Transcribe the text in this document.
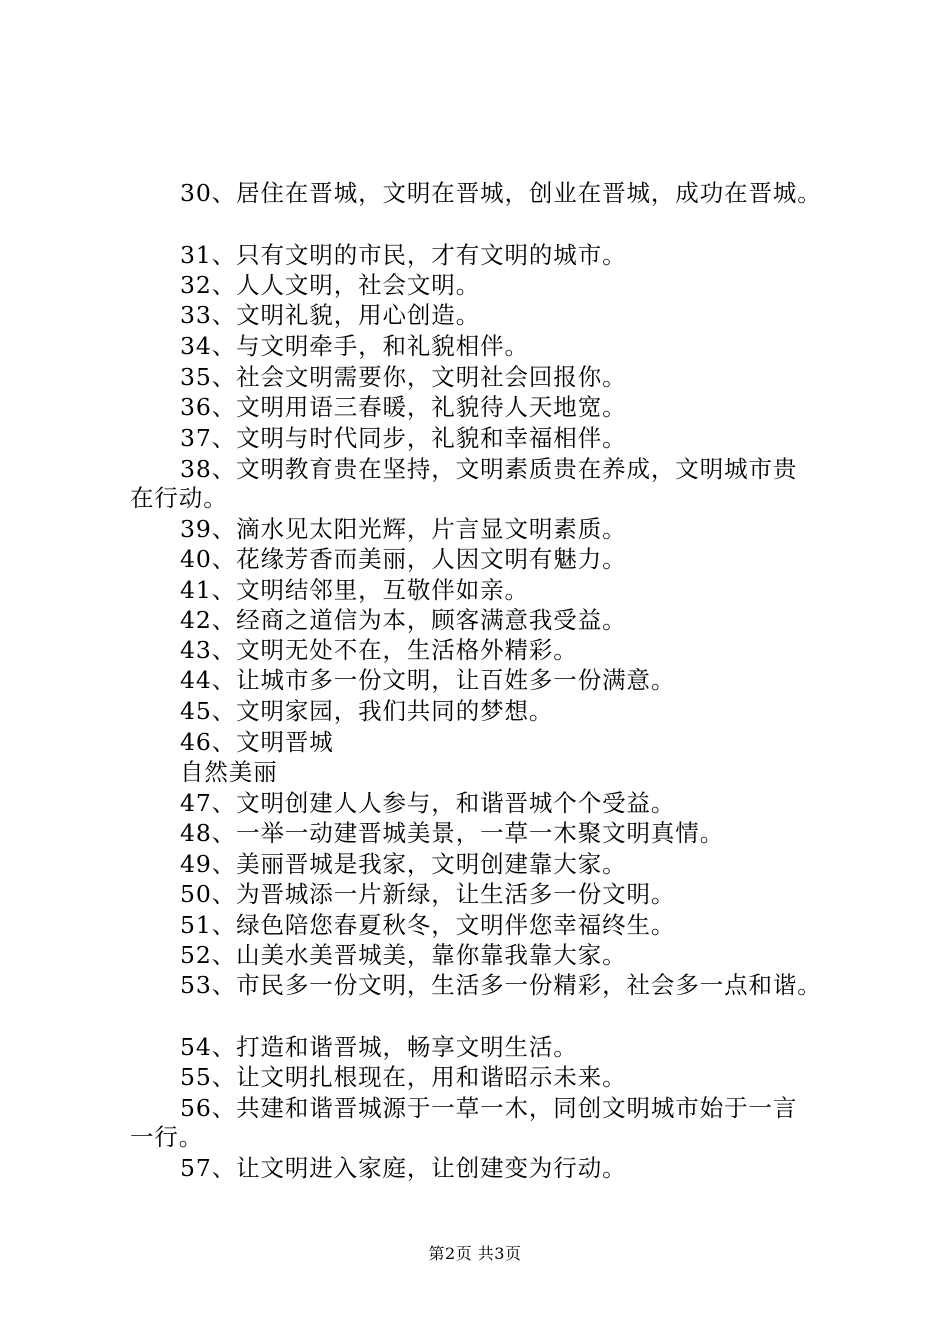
30、居住在晋城，文明在晋城，创业在晋城，成功在晋城。
31、只有文明的市民，才有文明的城市。
32、人人文明，社会文明。
33、文明礼貌，用心创造。
34、与文明牵手，和礼貌相伴。
35、社会文明需要你，文明社会回报你。
36、文明用语三春暖，礼貌待人天地宽。
37、文明与时代同步，礼貌和幸福相伴。
38、文明教育贵在坚持，文明素质贵在养成，文明城市贵
在行动。
39、滴水见太阳光辉，片言显文明素质。
40、花缘芳香而美丽，人因文明有魅力。
41、文明结邻里，互敬伴如亲。
42、经商之道信为本，顾客满意我受益。
43、文明无处不在，生活格外精彩。
44、让城市多一份文明，让百姓多一份满意。
45、文明家园，我们共同的梦想。
46、文明晋城
自然美丽
47、文明创建人人参与，和谐晋城个个受益。
48、一举一动建晋城美景，一草一木聚文明真情。
49、美丽晋城是我家，文明创建靠大家。
50、为晋城添一片新绿，让生活多一份文明。
51、绿色陪您春夏秋冬，文明伴您幸福终生。
52、山美水美晋城美，靠你靠我靠大家。
53、市民多一份文明，生活多一份精彩，社会多一点和谐。
54、打造和谐晋城，畅享文明生活。
55、让文明扎根现在，用和谐昭示未来。
56、共建和谐晋城源于一草一木，同创文明城市始于一言
一行。
57、让文明进入家庭，让创建变为行动。
第2页 共3页
